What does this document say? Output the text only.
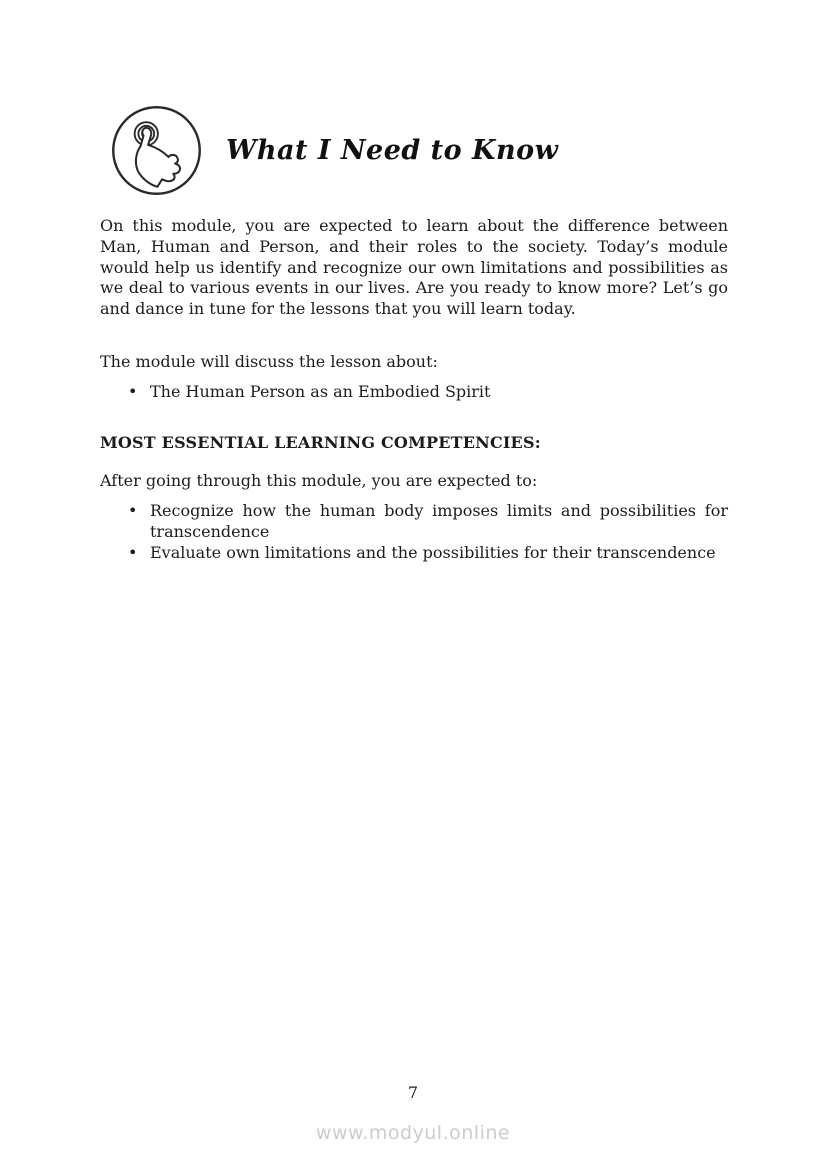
What I Need to Know

On this module, you are expected to learn about the difference between Man, Human and Person, and their roles to the society. Today’s module would help us identify and recognize our own limitations and possibilities as we deal to various events in our lives. Are you ready to know more? Let’s go and dance in tune for the lessons that you will learn today.

The module will discuss the lesson about:
• The Human Person as an Embodied Spirit
MOST ESSENTIAL LEARNING COMPETENCIES:
After going through this module, you are expected to:
• Recognize how the human body imposes limits and possibilities for transcendence
• Evaluate own limitations and the possibilities for their transcendence
7
www.modyul.online
